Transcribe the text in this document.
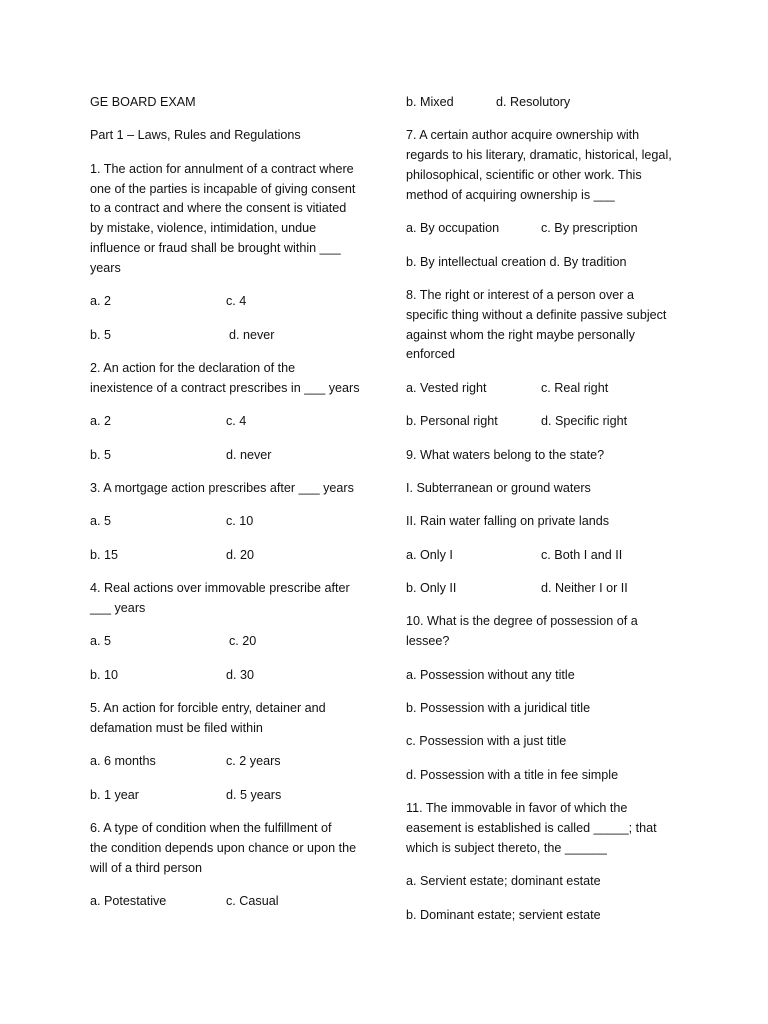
GE BOARD EXAM

Part 1 – Laws, Rules and Regulations

1. The action for annulment of a contract where
one of the parties is incapable of giving consent
to a contract and where the consent is vitiated
by mistake, violence, intimidation, undue
influence or fraud shall be brought within ___
years
a. 2	c. 4
b. 5	d. never
2. An action for the declaration of the
inexistence of a contract prescribes in ___ years
a. 2	c. 4
b. 5	d. never
3. A mortgage action prescribes after ___ years
a. 5	c. 10
b. 15	d. 20
4. Real actions over immovable prescribe after
___ years
a. 5	c. 20
b. 10	d. 30
5. An action for forcible entry, detainer and
defamation must be filed within
a. 6 months	c. 2 years
b. 1 year	d. 5 years
6. A type of condition when the fulfillment of
the condition depends upon chance or upon the
will of a third person
a. Potestative	c. Casual
b. Mixed	d. Resolutory
7. A certain author acquire ownership with
regards to his literary, dramatic, historical, legal,
philosophical, scientific or other work. This
method of acquiring ownership is ___
a. By occupation	c. By prescription

b. By intellectual creation d. By tradition

8. The right or interest of a person over a
specific thing without a definite passive subject
against whom the right maybe personally
enforced
a. Vested right	c. Real right
b. Personal right	d. Specific right
9. What waters belong to the state?

I. Subterranean or ground waters

II. Rain water falling on private lands

a. Only I	c. Both I and II
b. Only II	d. Neither I or II
10. What is the degree of possession of a
lessee?

a. Possession without any title

b. Possession with a juridical title

c. Possession with a just title

d. Possession with a title in fee simple

11. The immovable in favor of which the
easement is established is called _____; that
which is subject thereto, the ______

a. Servient estate; dominant estate

b. Dominant estate; servient estate
